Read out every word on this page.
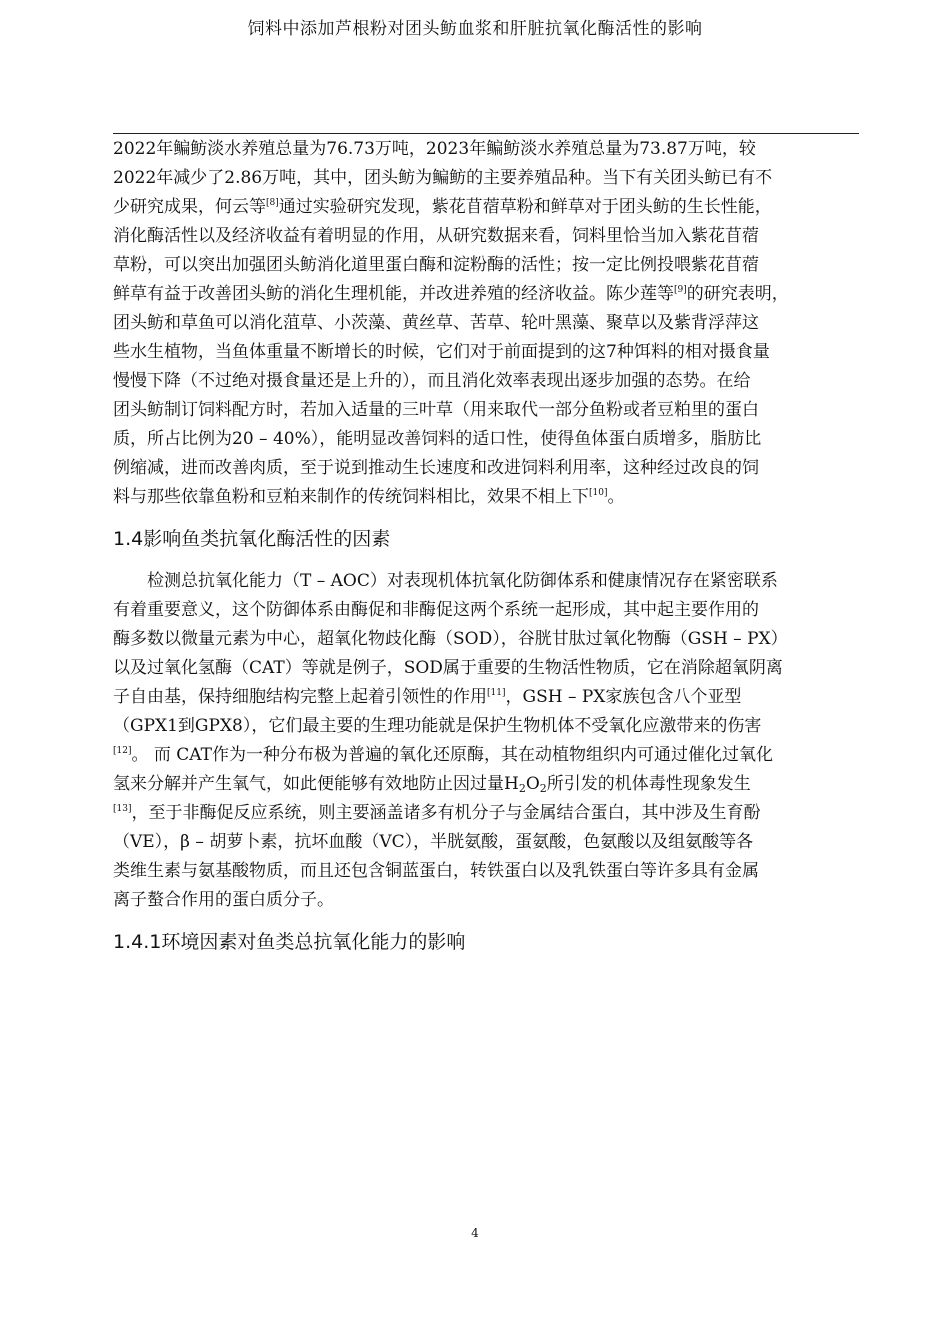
饲料中添加芦根粉对团头鲂血浆和肝脏抗氧化酶活性的影响
2022年鳊鲂淡水养殖总量为76.73万吨，2023年鳊鲂淡水养殖总量为73.87万吨，较
2022年减少了2.86万吨，其中，团头鲂为鳊鲂的主要养殖品种。当下有关团头鲂已有不
少研究成果，何云等[8]通过实验研究发现，紫花苜蓿草粉和鲜草对于团头鲂的生长性能，
消化酶活性以及经济收益有着明显的作用，从研究数据来看，饲料里恰当加入紫花苜蓿
草粉，可以突出加强团头鲂消化道里蛋白酶和淀粉酶的活性；按一定比例投喂紫花苜蓿
鲜草有益于改善团头鲂的消化生理机能，并改进养殖的经济收益。陈少莲等[9]的研究表明，
团头鲂和草鱼可以消化菹草、小茨藻、黄丝草、苦草、轮叶黑藻、聚草以及紫背浮萍这
些水生植物，当鱼体重量不断增长的时候，它们对于前面提到的这7种饵料的相对摄食量
慢慢下降（不过绝对摄食量还是上升的），而且消化效率表现出逐步加强的态势。在给
团头鲂制订饲料配方时，若加入适量的三叶草（用来取代一部分鱼粉或者豆粕里的蛋白
质，所占比例为20 – 40%），能明显改善饲料的适口性，使得鱼体蛋白质增多，脂肪比
例缩减，进而改善肉质，至于说到推动生长速度和改进饲料利用率，这种经过改良的饲
料与那些依靠鱼粉和豆粕来制作的传统饲料相比，效果不相上下[10]。
1.4影响鱼类抗氧化酶活性的因素
检测总抗氧化能力（T – AOC）对表现机体抗氧化防御体系和健康情况存在紧密联系
有着重要意义，这个防御体系由酶促和非酶促这两个系统一起形成，其中起主要作用的
酶多数以微量元素为中心，超氧化物歧化酶（SOD），谷胱甘肽过氧化物酶（GSH – PX）
以及过氧化氢酶（CAT）等就是例子，SOD属于重要的生物活性物质，它在消除超氧阴离
子自由基，保持细胞结构完整上起着引领性的作用[11]，GSH – PX家族包含八个亚型
（GPX1到GPX8），它们最主要的生理功能就是保护生物机体不受氧化应激带来的伤害
[12]。 而 CAT作为一种分布极为普遍的氧化还原酶，其在动植物组织内可通过催化过氧化
氢来分解并产生氧气，如此便能够有效地防止因过量$H_2O_2$所引发的机体毒性现象发生
[13]，至于非酶促反应系统，则主要涵盖诸多有机分子与金属结合蛋白，其中涉及生育酚
（VE），β – 胡萝卜素，抗坏血酸（VC），半胱氨酸，蛋氨酸，色氨酸以及组氨酸等各
类维生素与氨基酸物质，而且还包含铜蓝蛋白，转铁蛋白以及乳铁蛋白等许多具有金属
离子螯合作用的蛋白质分子。
1.4.1环境因素对鱼类总抗氧化能力的影响
4
